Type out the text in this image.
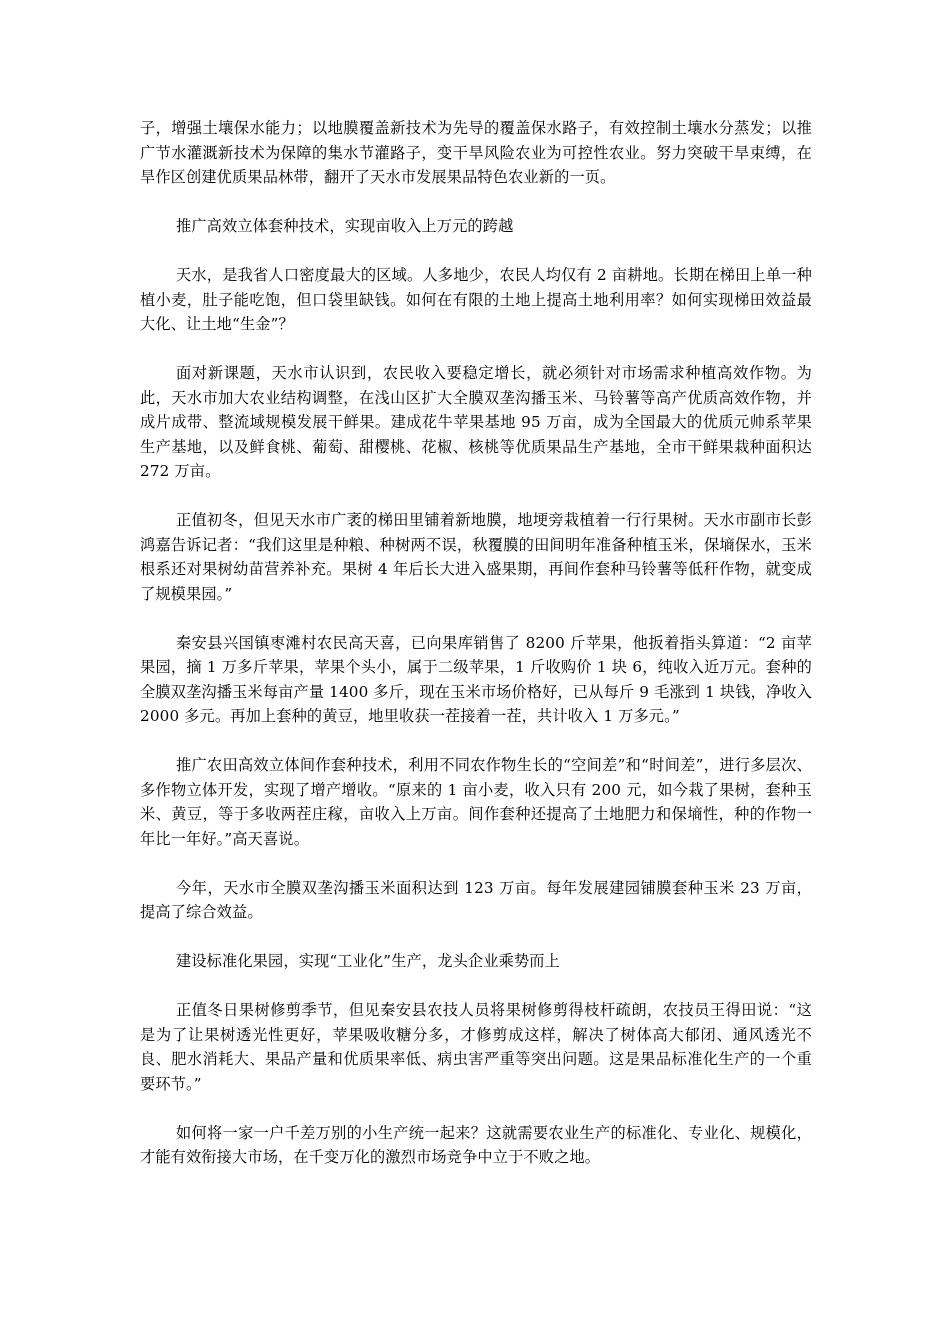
子，增强土壤保水能力；以地膜覆盖新技术为先导的覆盖保水路子，有效控制土壤水分蒸发；以推广节水灌溉新技术为保障的集水节灌路子，变干旱风险农业为可控性农业。努力突破干旱束缚，在旱作区创建优质果品林带，翻开了天水市发展果品特色农业新的一页。

推广高效立体套种技术，实现亩收入上万元的跨越

天水，是我省人口密度最大的区域。人多地少，农民人均仅有 2 亩耕地。长期在梯田上单一种植小麦，肚子能吃饱，但口袋里缺钱。如何在有限的土地上提高土地利用率？如何实现梯田效益最大化、让土地“生金”？

面对新课题，天水市认识到，农民收入要稳定增长，就必须针对市场需求种植高效作物。为此，天水市加大农业结构调整，在浅山区扩大全膜双垄沟播玉米、马铃薯等高产优质高效作物，并成片成带、整流域规模发展干鲜果。建成花牛苹果基地 95 万亩，成为全国最大的优质元帅系苹果生产基地，以及鲜食桃、葡萄、甜樱桃、花椒、核桃等优质果品生产基地，全市干鲜果栽种面积达 272 万亩。

正值初冬，但见天水市广袤的梯田里铺着新地膜，地埂旁栽植着一行行果树。天水市副市长彭鸿嘉告诉记者：“我们这里是种粮、种树两不误，秋覆膜的田间明年准备种植玉米，保墒保水，玉米根系还对果树幼苗营养补充。果树 4 年后长大进入盛果期，再间作套种马铃薯等低秆作物，就变成了规模果园。”

秦安县兴国镇枣滩村农民高天喜，已向果库销售了 8200 斤苹果，他扳着指头算道：“2 亩苹果园，摘 1 万多斤苹果，苹果个头小，属于二级苹果，1 斤收购价 1 块 6，纯收入近万元。套种的全膜双垄沟播玉米每亩产量 1400 多斤，现在玉米市场价格好，已从每斤 9 毛涨到 1 块钱，净收入 2000 多元。再加上套种的黄豆，地里收获一茬接着一茬，共计收入 1 万多元。”

推广农田高效立体间作套种技术，利用不同农作物生长的“空间差”和“时间差”，进行多层次、多作物立体开发，实现了增产增收。“原来的 1 亩小麦，收入只有 200 元，如今栽了果树，套种玉米、黄豆，等于多收两茬庄稼，亩收入上万亩。间作套种还提高了土地肥力和保墒性，种的作物一年比一年好。”高天喜说。

今年，天水市全膜双垄沟播玉米面积达到 123 万亩。每年发展建园铺膜套种玉米 23 万亩，提高了综合效益。

建设标准化果园，实现“工业化”生产，龙头企业乘势而上

正值冬日果树修剪季节，但见秦安县农技人员将果树修剪得枝杆疏朗，农技员王得田说：“这是为了让果树透光性更好，苹果吸收糖分多，才修剪成这样，解决了树体高大郁闭、通风透光不良、肥水消耗大、果品产量和优质果率低、病虫害严重等突出问题。这是果品标准化生产的一个重要环节。”

如何将一家一户千差万别的小生产统一起来？这就需要农业生产的标准化、专业化、规模化，才能有效衔接大市场，在千变万化的激烈市场竞争中立于不败之地。
